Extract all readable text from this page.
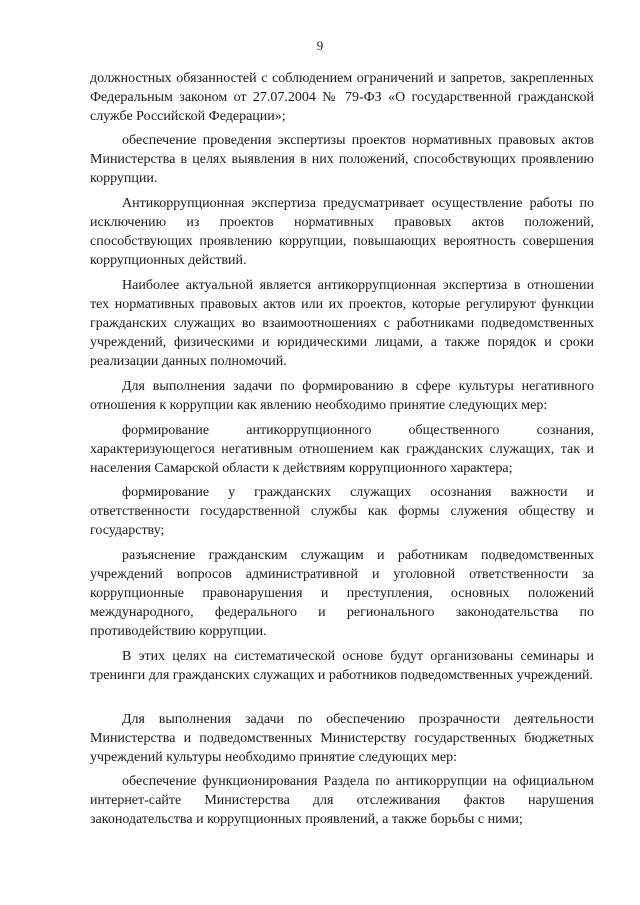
9

должностных обязанностей с соблюдением ограничений и запретов, закрепленных Федеральным законом от 27.07.2004 № 79-ФЗ «О государственной гражданской службе Российской Федерации»;

обеспечение проведения экспертизы проектов нормативных правовых актов Министерства в целях выявления в них положений, способствующих проявлению коррупции.

Антикоррупционная экспертиза предусматривает осуществление работы по исключению из проектов нормативных правовых актов положений, способствующих проявлению коррупции, повышающих вероятность совершения коррупционных действий.

Наиболее актуальной является антикоррупционная экспертиза в отношении тех нормативных правовых актов или их проектов, которые регулируют функции гражданских служащих во взаимоотношениях с работниками подведомственных учреждений, физическими и юридическими лицами, а также порядок и сроки реализации данных полномочий.

Для выполнения задачи по формированию в сфере культуры негативного отношения к коррупции как явлению необходимо принятие следующих мер:

формирование антикоррупционного общественного сознания, характеризующегося негативным отношением как гражданских служащих, так и населения Самарской области к действиям коррупционного характера;

формирование у гражданских служащих осознания важности и ответственности государственной службы как формы служения обществу и государству;

разъяснение гражданским служащим и работникам подведомственных учреждений вопросов административной и уголовной ответственности за коррупционные правонарушения и преступления, основных положений международного, федерального и регионального законодательства по противодействию коррупции.

В этих целях на систематической основе будут организованы семинары и тренинги для гражданских служащих и работников подведомственных учреждений.

Для выполнения задачи по обеспечению прозрачности деятельности Министерства и подведомственных Министерству государственных бюджетных учреждений культуры необходимо принятие следующих мер:

обеспечение функционирования Раздела по антикоррупции на официальном интернет-сайте Министерства для отслеживания фактов нарушения законодательства и коррупционных проявлений, а также борьбы с ними;
